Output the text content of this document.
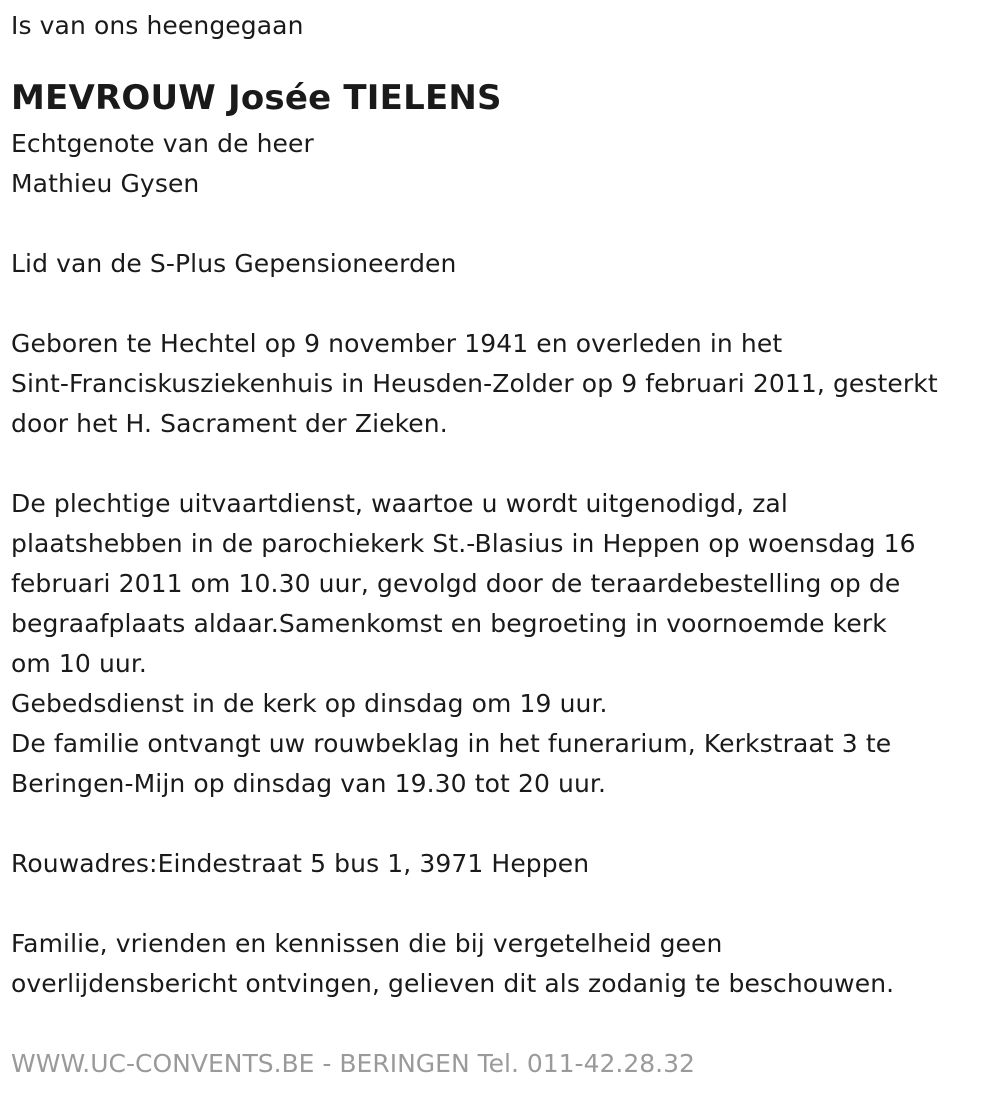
Is van ons heengegaan
MEVROUW Josée TIELENS
Echtgenote van de heer
Mathieu Gysen
Lid van de S-Plus Gepensioneerden
Geboren te Hechtel op 9 november 1941 en overleden in het
Sint-Franciskusziekenhuis in Heusden-Zolder op 9 februari 2011, gesterkt
door het H. Sacrament der Zieken.
De plechtige uitvaartdienst, waartoe u wordt uitgenodigd, zal
plaatshebben in de parochiekerk St.-Blasius in Heppen op woensdag 16
februari 2011 om 10.30 uur, gevolgd door de teraardebestelling op de
begraafplaats aldaar.Samenkomst en begroeting in voornoemde kerk
om 10 uur.
Gebedsdienst in de kerk op dinsdag om 19 uur.
De familie ontvangt uw rouwbeklag in het funerarium, Kerkstraat 3 te
Beringen-Mijn op dinsdag van 19.30 tot 20 uur.
Rouwadres:Eindestraat 5 bus 1, 3971 Heppen
Familie, vrienden en kennissen die bij vergetelheid geen
overlijdensbericht ontvingen, gelieven dit als zodanig te beschouwen.
WWW.UC-CONVENTS.BE - BERINGEN Tel. 011-42.28.32
